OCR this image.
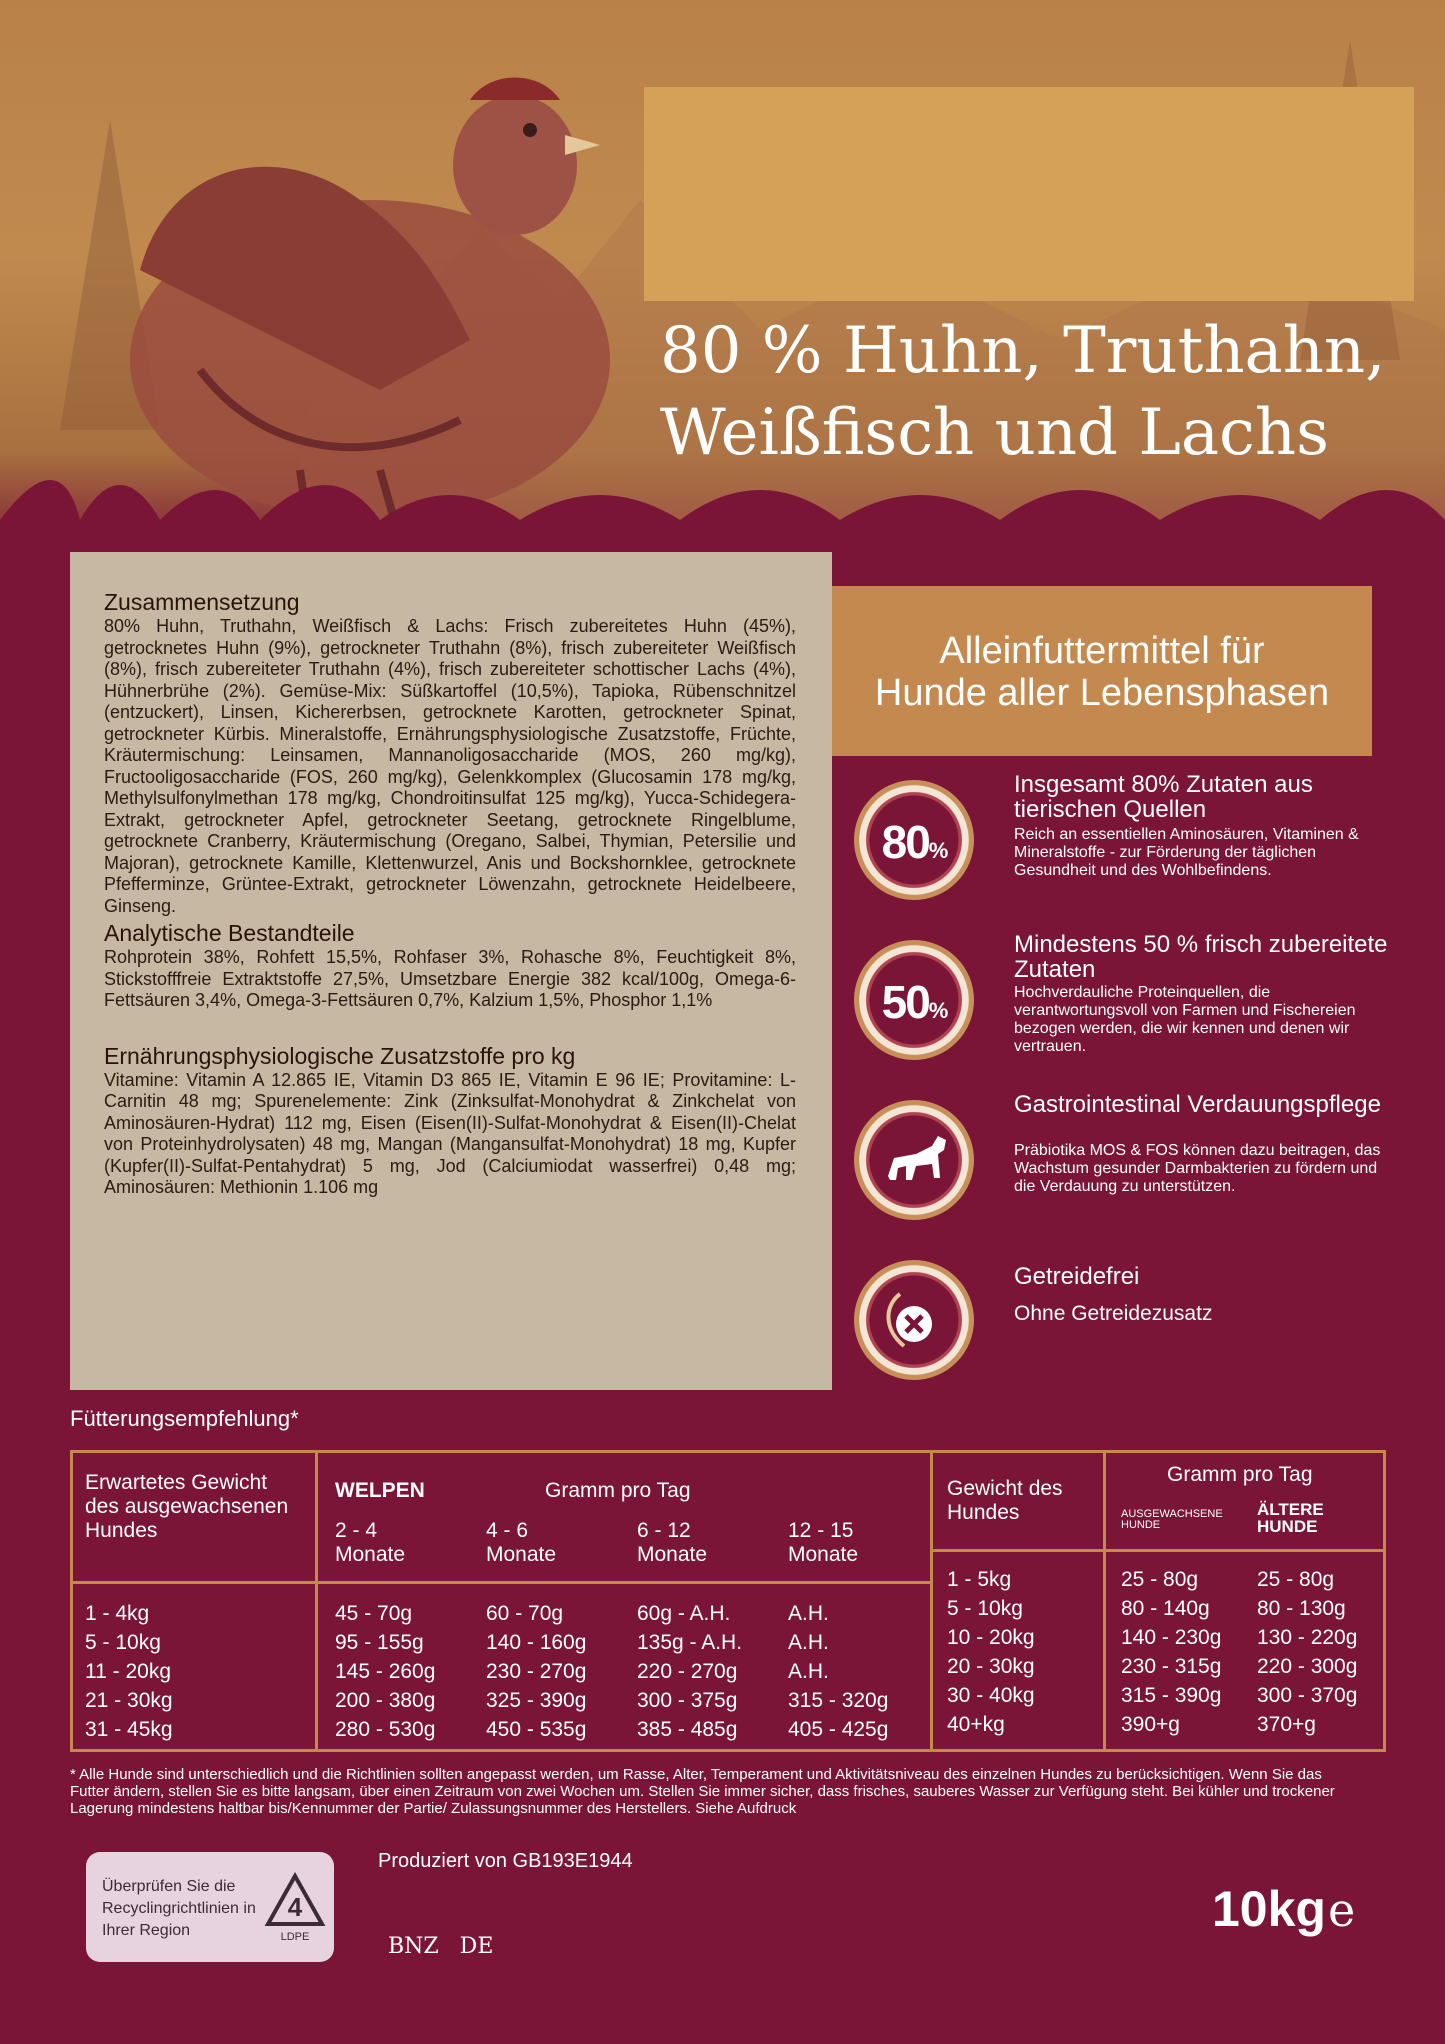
80 % Huhn, Truthahn,
Weißfisch und Lachs
Zusammensetzung

80% Huhn, Truthahn, Weißfisch & Lachs: Frisch zubereitetes Huhn (45%), getrocknetes Huhn (9%), getrockneter Truthahn (8%), frisch zubereiteter Weißfisch (8%), frisch zubereiteter Truthahn (4%), frisch zubereiteter schottischer Lachs (4%), Hühnerbrühe (2%). Gemüse-Mix: Süßkartoffel (10,5%), Tapioka, Rübenschnitzel (entzuckert), Linsen, Kichererbsen, getrocknete Karotten, getrockneter Spinat, getrockneter Kürbis. Mineralstoffe, Ernährungsphysiologische Zusatzstoffe, Früchte, Kräutermischung: Leinsamen, Mannanoligosaccharide (MOS, 260 mg/kg), Fructooligosaccharide (FOS, 260 mg/kg), Gelenkkomplex (Glucosamin 178 mg/kg, Methylsulfonylmethan 178 mg/kg, Chondroitinsulfat 125 mg/kg), Yucca-Schidegera-Extrakt, getrockneter Apfel, getrockneter Seetang, getrocknete Ringelblume, getrocknete Cranberry, Kräutermischung (Oregano, Salbei, Thymian, Petersilie und Majoran), getrocknete Kamille, Klettenwurzel, Anis und Bockshornklee, getrocknete Pfefferminze, Grüntee-Extrakt, getrockneter Löwenzahn, getrocknete Heidelbeere, Ginseng.

Analytische Bestandteile

Rohprotein 38%, Rohfett 15,5%, Rohfaser 3%, Rohasche 8%, Feuchtigkeit 8%, Stickstofffreie Extraktstoffe 27,5%, Umsetzbare Energie 382 kcal/100g, Omega-6-Fettsäuren 3,4%, Omega-3-Fettsäuren 0,7%, Kalzium 1,5%, Phosphor 1,1%

Ernährungsphysiologische Zusatzstoffe pro kg

Vitamine: Vitamin A 12.865 IE, Vitamin D3 865 IE, Vitamin E 96 IE; Provitamine: L-Carnitin 48 mg; Spurenelemente: Zink (Zinksulfat-Monohydrat & Zinkchelat von Aminosäuren-Hydrat) 112 mg, Eisen (Eisen(II)-Sulfat-Monohydrat & Eisen(II)-Chelat von Proteinhydrolysaten) 48 mg, Mangan (Mangansulfat-Monohydrat) 18 mg, Kupfer (Kupfer(II)-Sulfat-Pentahydrat) 5 mg, Jod (Calciumiodat wasserfrei) 0,48 mg; Aminosäuren: Methionin 1.106 mg

Alleinfuttermittel für
Hunde aller Lebensphasen
80%
Insgesamt 80% Zutaten aus tierischen Quellen
Reich an essentiellen Aminosäuren, Vitaminen & Mineralstoffe - zur Förderung der täglichen Gesundheit und des Wohlbefindens.
50%
Mindestens 50 % frisch zubereitete Zutaten
Hochverdauliche Proteinquellen, die verantwortungsvoll von Farmen und Fischereien bezogen werden, die wir kennen und denen wir vertrauen.
Gastrointestinal Verdauungspflege
Präbiotika MOS & FOS können dazu beitragen, das Wachstum gesunder Darmbakterien zu fördern und die Verdauung zu unterstützen.
Getreidefrei
Ohne Getreidezusatz
Fütterungsempfehlung*
Erwartetes Gewicht des ausgewachsenen Hundes
WELPEN	Gramm pro Tag
2 - 4
Monate
4 - 6
Monate
6 - 12
Monate
12 - 15
Monate
1 - 4kg
5 - 10kg
11 - 20kg
21 - 30kg
31 - 45kg
45 - 70g
95 - 155g
145 - 260g
200 - 380g
280 - 530g
60 - 70g
140 - 160g
230 - 270g
325 - 390g
450 - 535g
60g - A.H.
135g - A.H.
220 - 270g
300 - 375g
385 - 485g
A.H.
A.H.
A.H.
315 - 320g
405 - 425g
Gewicht des Hundes
Gramm pro Tag
AUSGEWACHSENE HUNDE
ÄLTERE HUNDE
1 - 5kg
5 - 10kg
10 - 20kg
20 - 30kg
30 - 40kg
40+kg
25 - 80g
80 - 140g
140 - 230g
230 - 315g
315 - 390g
390+g
25 - 80g
80 - 130g
130 - 220g
220 - 300g
300 - 370g
370+g
* Alle Hunde sind unterschiedlich und die Richtlinien sollten angepasst werden, um Rasse, Alter, Temperament und Aktivitätsniveau des einzelnen Hundes zu berücksichtigen. Wenn Sie das Futter ändern, stellen Sie es bitte langsam, über einen Zeitraum von zwei Wochen um. Stellen Sie immer sicher, dass frisches, sauberes Wasser zur Verfügung steht. Bei kühler und trockener Lagerung mindestens haltbar bis/Kennummer der Partie/ Zulassungsnummer des Herstellers. Siehe Aufdruck
Überprüfen Sie die Recyclingrichtlinien in Ihrer Region
4
LDPE
Produziert von GB193E1944
BNZ   DE
10kge
